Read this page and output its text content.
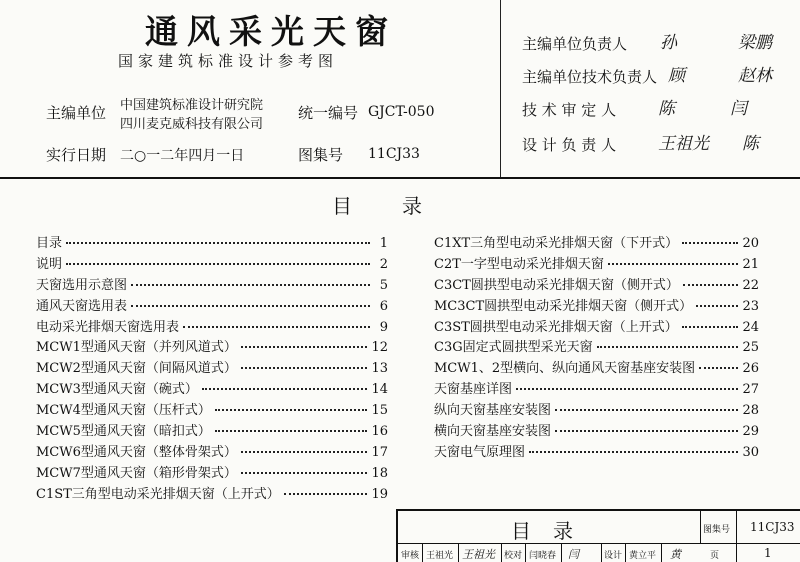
通风采光天窗
国家建筑标准设计参考图
主编单位 中国建筑标准设计研究院
四川麦克威科技有限公司
统一编号 GJCT-050
实行日期 二○一二年四月一日	图集号 11CJ33
主编单位负责人 孙	梁鹏
主编单位技术负责人 顾	赵林
技 术 审 定 人 陈	闫
设 计 负 责 人 王祖光 陈
目录
目录	1
说明	2
天窗选用示意图	5
通风天窗选用表	6
电动采光排烟天窗选用表	9
MCW1型通风天窗（并列风道式）	12
MCW2型通风天窗（间隔风道式）	13
MCW3型通风天窗（碗式）	14
MCW4型通风天窗（压杆式）	15
MCW5型通风天窗（暗扣式）	16
MCW6型通风天窗（整体骨架式）	17
MCW7型通风天窗（箱形骨架式）	18
C1ST三角型电动采光排烟天窗（上开式）	19
C1XT三角型电动采光排烟天窗（下开式）	20
C2T一字型电动采光排烟天窗	21
C3CT圆拱型电动采光排烟天窗（侧开式）	22
MC3CT圆拱型电动采光排烟天窗（侧开式）	23
C3ST圆拱型电动采光排烟天窗（上开式）	24
C3G固定式圆拱型采光天窗	25
MCW1、2型横向、纵向通风天窗基座安装图	26
天窗基座详图	27
纵向天窗基座安装图	28
横向天窗基座安装图	29
天窗电气原理图	30
目录	图集号 11CJ33
审核 王祖光 王祖光 校对 闫晓春 闫	设计 黄立平 黄	页	1
